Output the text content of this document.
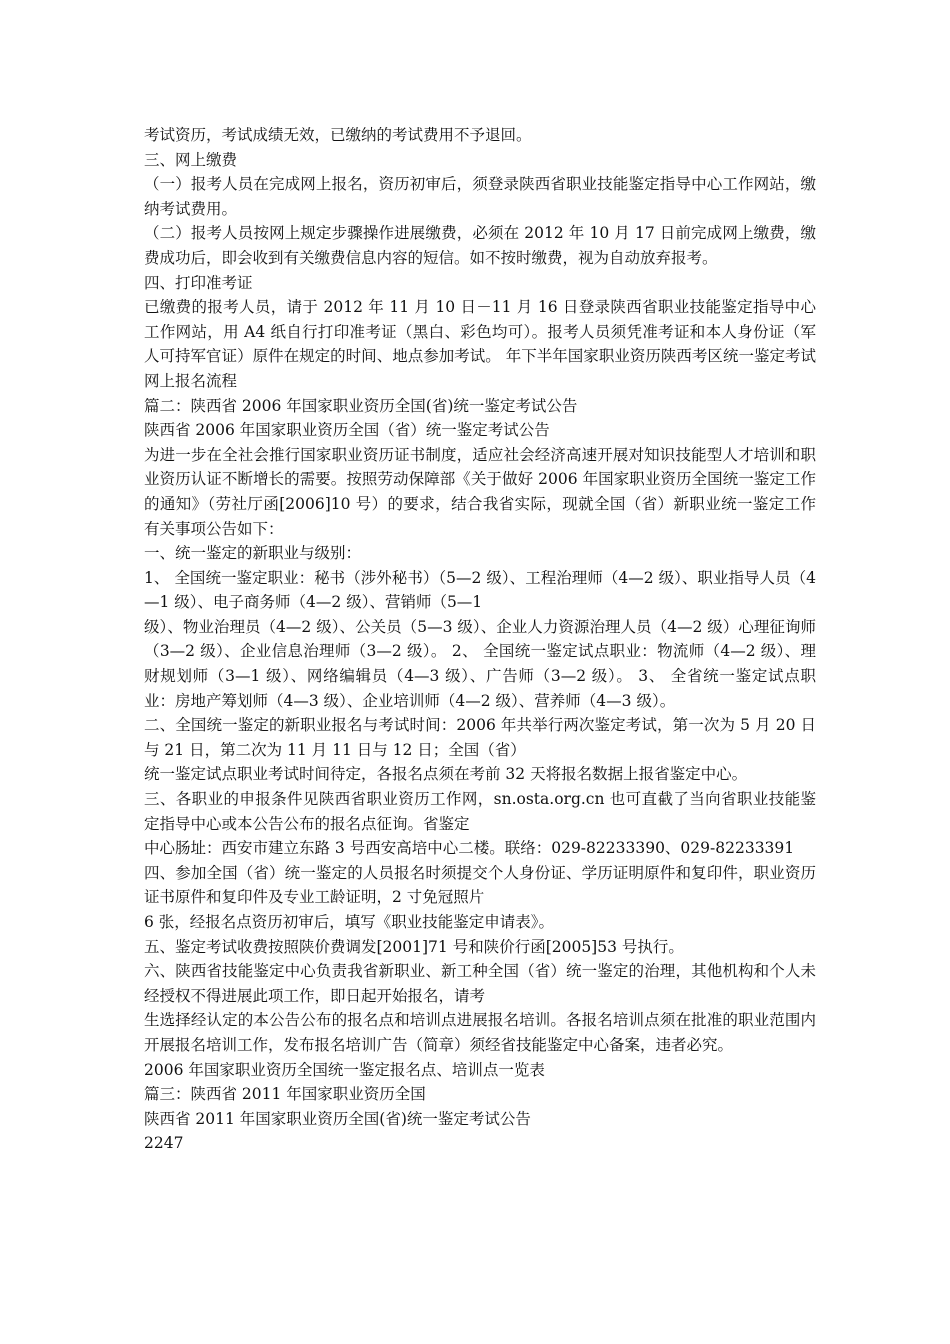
考试资历，考试成绩无效，已缴纳的考试费用不予退回。

三、网上缴费

（一）报考人员在完成网上报名，资历初审后，须登录陕西省职业技能鉴定指导中心工作网站，缴纳考试费用。

（二）报考人员按网上规定步骤操作进展缴费，必须在 2012 年 10 月 17 日前完成网上缴费，缴费成功后，即会收到有关缴费信息内容的短信。如不按时缴费，视为自动放弃报考。

四、打印准考证

已缴费的报考人员，请于 2012 年 11 月 10 日－11 月 16 日登录陕西省职业技能鉴定指导中心工作网站，用 A4 纸自行打印准考证（黑白、彩色均可）。报考人员须凭准考证和本人身份证（军人可持军官证）原件在规定的时间、地点参加考试。 年下半年国家职业资历陕西考区统一鉴定考试网上报名流程

篇二：陕西省 2006 年国家职业资历全国(省)统一鉴定考试公告

陕西省 2006 年国家职业资历全国（省）统一鉴定考试公告

为进一步在全社会推行国家职业资历证书制度，适应社会经济高速开展对知识技能型人才培训和职业资历认证不断增长的需要。按照劳动保障部《关于做好 2006 年国家职业资历全国统一鉴定工作的通知》（劳社厅函[2006]10 号）的要求，结合我省实际，现就全国（省）新职业统一鉴定工作有关事项公告如下：

一、统一鉴定的新职业与级别：

1、 全国统一鉴定职业：秘书（涉外秘书）（5—2 级）、工程治理师（4—2 级）、职业指导人员（4—1 级）、电子商务师（4—2 级）、营销师（5—1

级）、物业治理员（4—2 级）、公关员（5—3 级）、企业人力资源治理人员（4—2 级）心理征询师（3—2 级）、企业信息治理师（3—2 级）。 2、 全国统一鉴定试点职业：物流师（4—2 级）、理财规划师（3—1 级）、网络编辑员（4—3 级）、广告师（3—2 级）。 3、 全省统一鉴定试点职业：房地产筹划师（4—3 级）、企业培训师（4—2 级）、营养师（4—3 级）。

二、全国统一鉴定的新职业报名与考试时间：2006 年共举行两次鉴定考试，第一次为 5 月 20 日与 21 日，第二次为 11 月 11 日与 12 日；全国（省）

统一鉴定试点职业考试时间待定，各报名点须在考前 32 天将报名数据上报省鉴定中心。

三、各职业的申报条件见陕西省职业资历工作网，sn.osta.org.cn 也可直截了当向省职业技能鉴定指导中心或本公告公布的报名点征询。省鉴定

中心肠址：西安市建立东路 3 号西安高培中心二楼。联络：029-82233390、029-82233391

四、参加全国（省）统一鉴定的人员报名时须提交个人身份证、学历证明原件和复印件，职业资历证书原件和复印件及专业工龄证明，2 寸免冠照片

6 张，经报名点资历初审后，填写《职业技能鉴定申请表》。

五、鉴定考试收费按照陕价费调发[2001]71 号和陕价行函[2005]53 号执行。

六、陕西省技能鉴定中心负责我省新职业、新工种全国（省）统一鉴定的治理，其他机构和个人未经授权不得进展此项工作，即日起开始报名，请考

生选择经认定的本公告公布的报名点和培训点进展报名培训。各报名培训点须在批准的职业范围内开展报名培训工作，发布报名培训广告（简章）须经省技能鉴定中心备案，违者必究。

2006 年国家职业资历全国统一鉴定报名点、培训点一览表

篇三：陕西省 2011 年国家职业资历全国

陕西省 2011 年国家职业资历全国(省)统一鉴定考试公告

2247
